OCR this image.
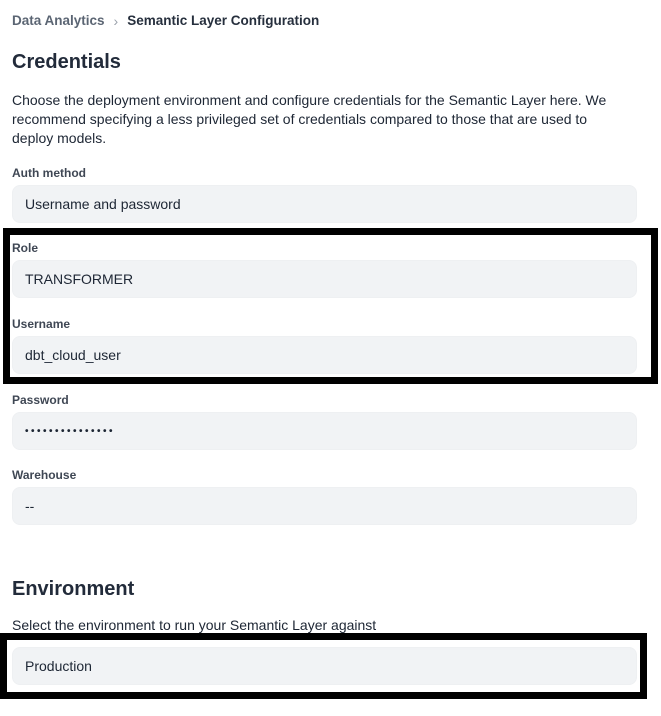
Data Analytics › Semantic Layer Configuration
Credentials

Choose the deployment environment and configure credentials for the Semantic Layer here. We recommend specifying a less privileged set of credentials compared to those that are used to deploy models.

Auth method
Username and password
Role
TRANSFORMER
Username
dbt_cloud_user
Password
•••••••••••••••
Warehouse
--
Environment

Select the environment to run your Semantic Layer against

Production
